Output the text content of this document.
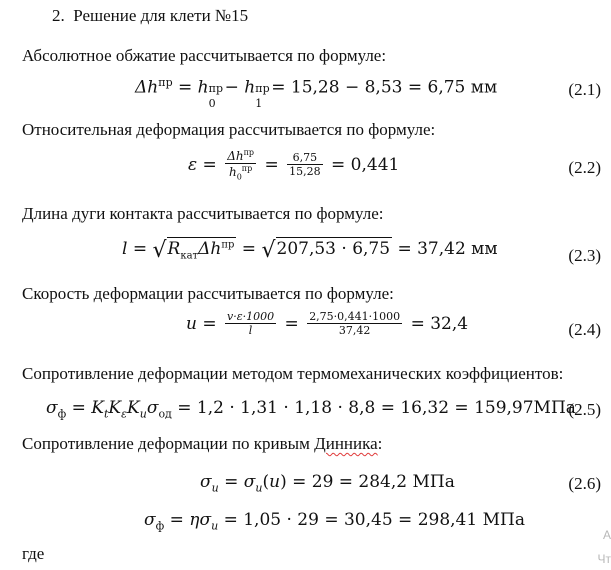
2. Решение для клети №15
Абсолютное обжатие рассчитывается по формуле:
$\Delta h^{пр} = h$ пр
0
− h пр
1
= 15,28 − 8,53 = 6,75 мм	(2.1)
Относительная деформация рассчитывается по формуле:
$\varepsilon = \Delta h^{пр}$
$h_0^{пр} = \frac{6,75}{15,28} = 0,441$	(2.2)
Длина дуги контакта рассчитывается по формуле:
$l = √R_{кат}\Delta h^{пр} = √207,53 \cdot 6,75 = 37,42$ мм	(2.3)
Скорость деформации рассчитывается по формуле:
$u = \frac{v\cdot\varepsilon\cdot 1000}{l} = \frac{2,75\cdot 0,441\cdot 1000}{37,42} = 32,4$	(2.4)
Сопротивление деформации методом термомеханических коэффициентов:
$\sigma_ф = K_tK_\varepsilon K_u\sigma_{од} = 1,2 \cdot 1,31 \cdot 1,18 \cdot 8,8 = 16,32 = 159,97МПа$
(2.5)
Сопротивление деформации по кривым Динника:
$\sigma_u = \sigma_u(u) = 29 = 284,2$ МПа	(2.6)
$\sigma_ф = \eta\sigma_u = 1,05 \cdot 29 = 30,45 = 298,41$ МПа
где
А
Чт
